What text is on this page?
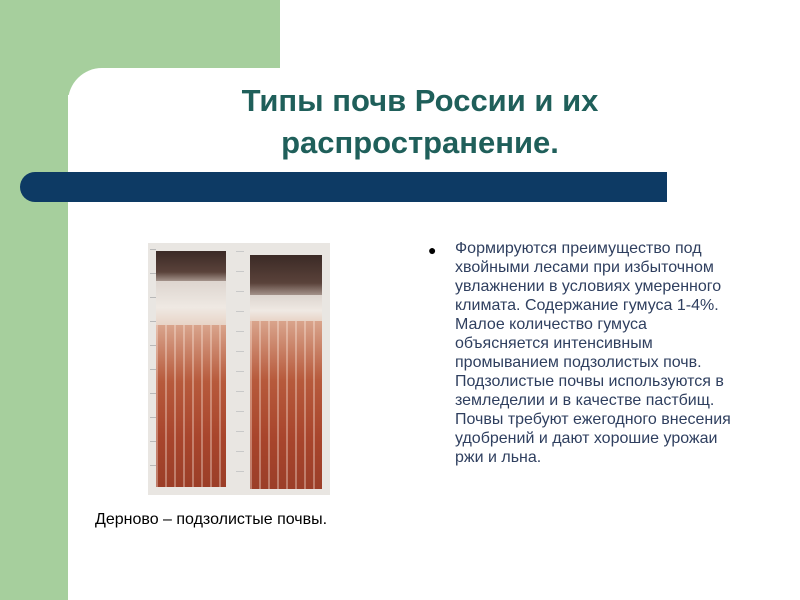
Типы почв России и их
распространение.
Дерново – подзолистые почвы.
● Формируются преимущество под хвойными лесами при избыточном увлажнении в условиях умеренного климата. Содержание гумуса 1-4%. Малое количество гумуса объясняется интенсивным промыванием подзолистых почв. Подзолистые почвы используются в земледелии и в качестве пастбищ. Почвы требуют ежегодного внесения удобрений и дают хорошие урожаи ржи и льна.
